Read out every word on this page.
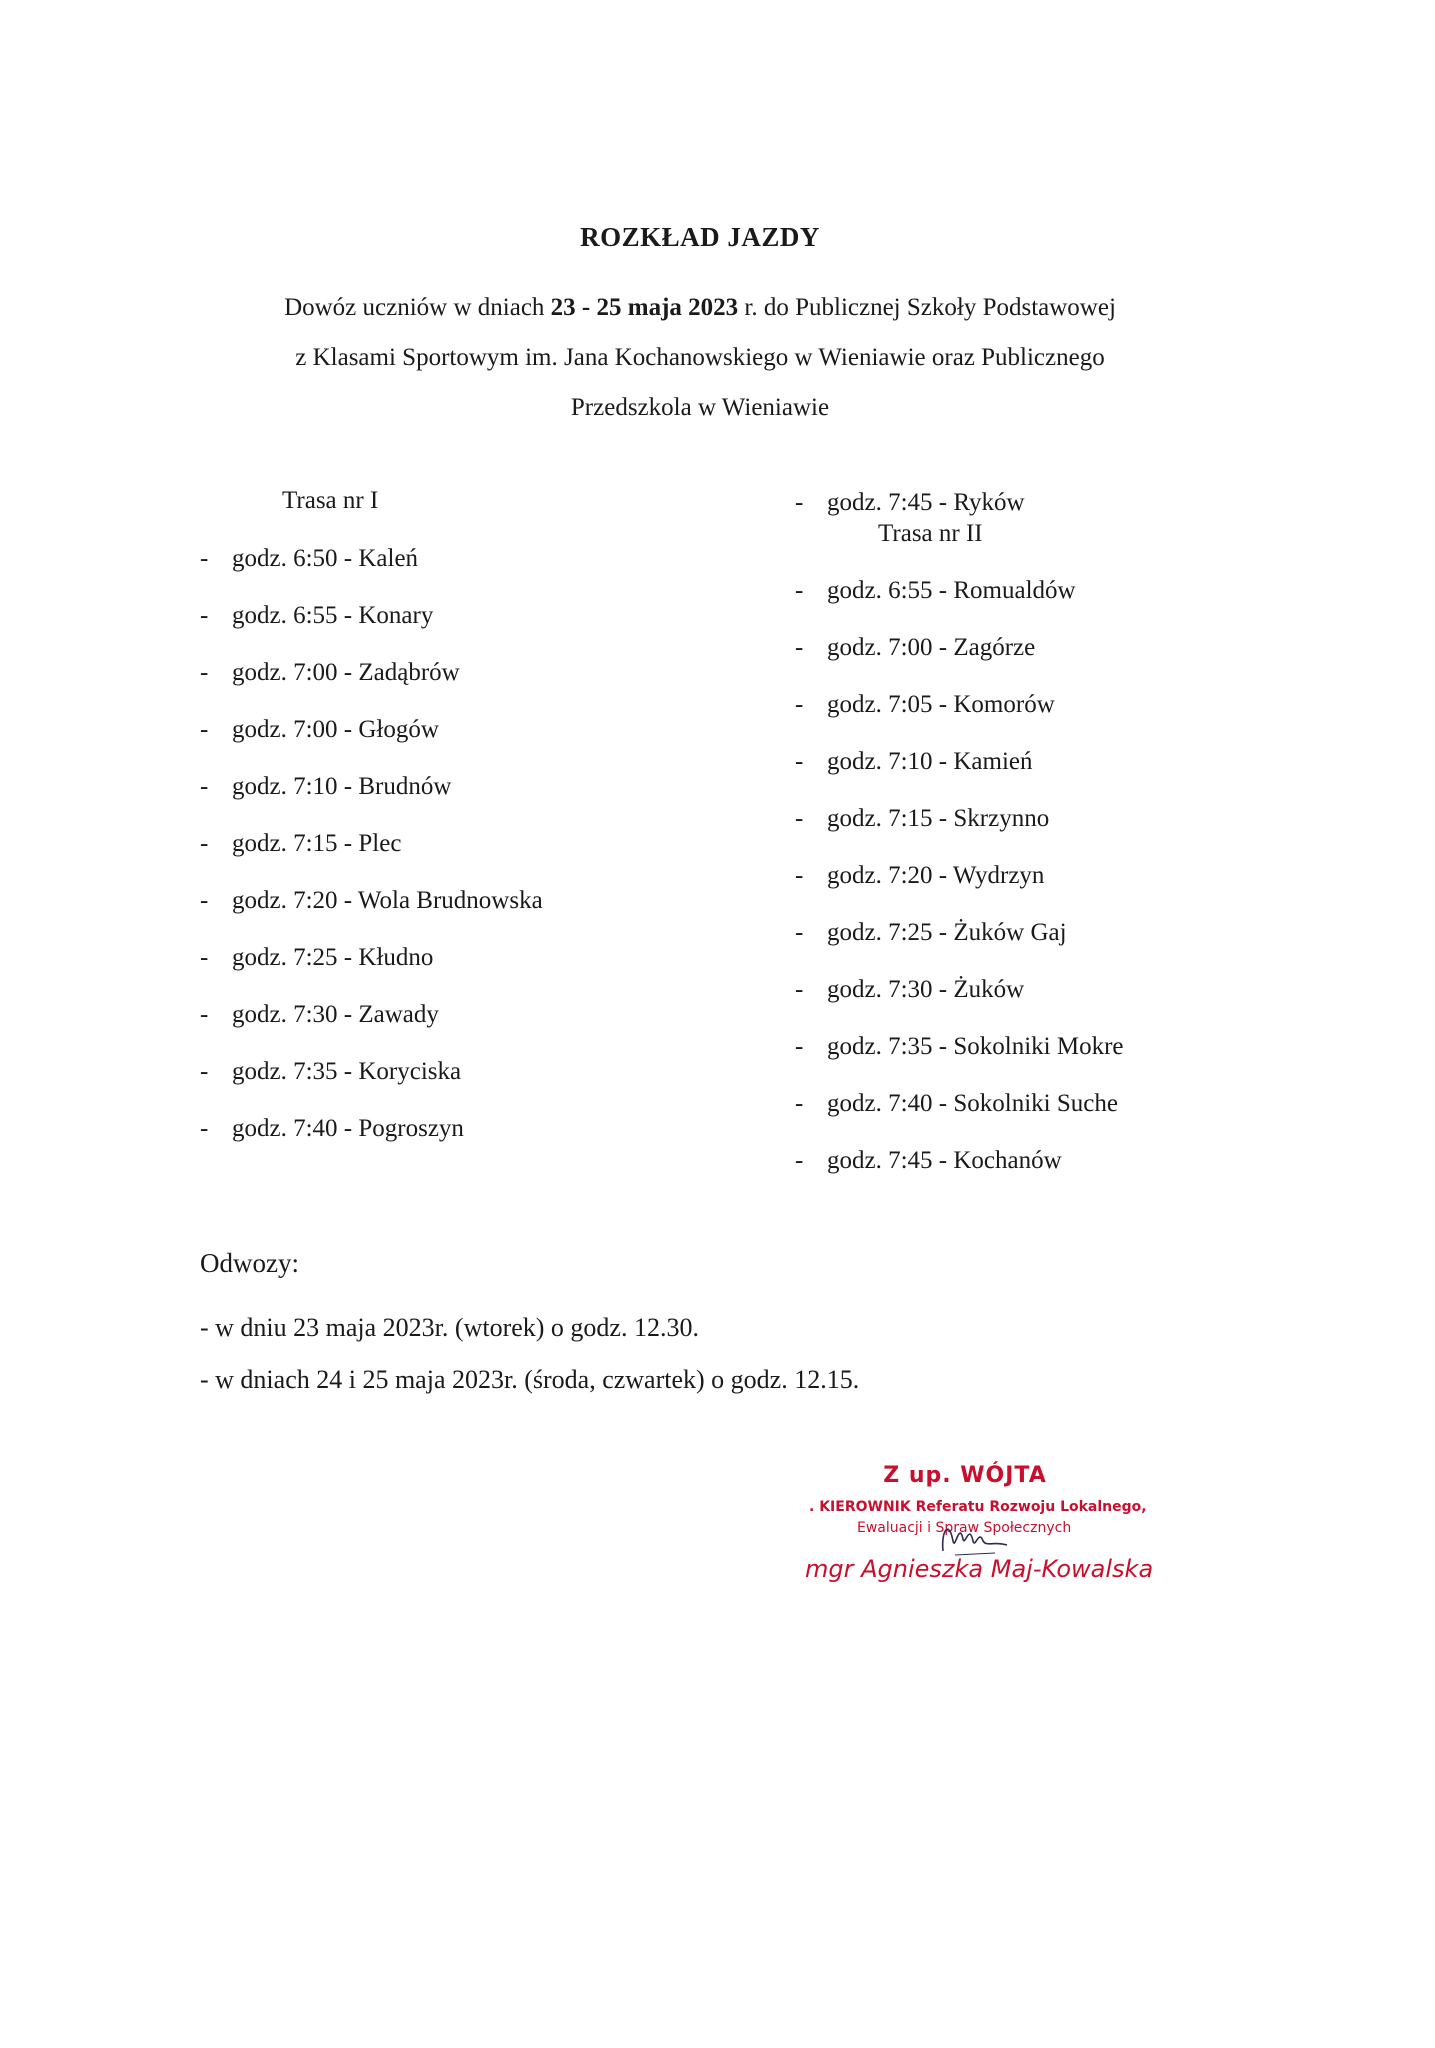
ROZKŁAD JAZDY
Dowóz uczniów w dniach 23 - 25 maja 2023 r. do Publicznej Szkoły Podstawowej
z Klasami Sportowym im. Jana Kochanowskiego w Wieniawie oraz Publicznego
Przedszkola w Wieniawie
Trasa nr I
- godz. 6:50 - Kaleń
- godz. 6:55 - Konary
- godz. 7:00 - Zadąbrów
- godz. 7:00 - Głogów
- godz. 7:10 - Brudnów
- godz. 7:15 - Plec
- godz. 7:20 - Wola Brudnowska
- godz. 7:25 - Kłudno
- godz. 7:30 - Zawady
- godz. 7:35 - Koryciska
- godz. 7:40 - Pogroszyn
- godz. 7:45 - Ryków
Trasa nr II
- godz. 6:55 - Romualdów
- godz. 7:00 - Zagórze
- godz. 7:05 - Komorów
- godz. 7:10 - Kamień
- godz. 7:15 - Skrzynno
- godz. 7:20 - Wydrzyn
- godz. 7:25 - Żuków Gaj
- godz. 7:30 - Żuków
- godz. 7:35 - Sokolniki Mokre
- godz. 7:40 - Sokolniki Suche
- godz. 7:45 - Kochanów
Odwozy:
- w dniu 23 maja 2023r. (wtorek) o godz. 12.30.
- w dniach 24 i 25 maja 2023r. (środa, czwartek) o godz. 12.15.
Z up. WÓJTA
. KIEROWNIK Referatu Rozwoju Lokalnego,
Ewaluacji i Spraw Społecznych
mgr Agnieszka Maj-Kowalska
